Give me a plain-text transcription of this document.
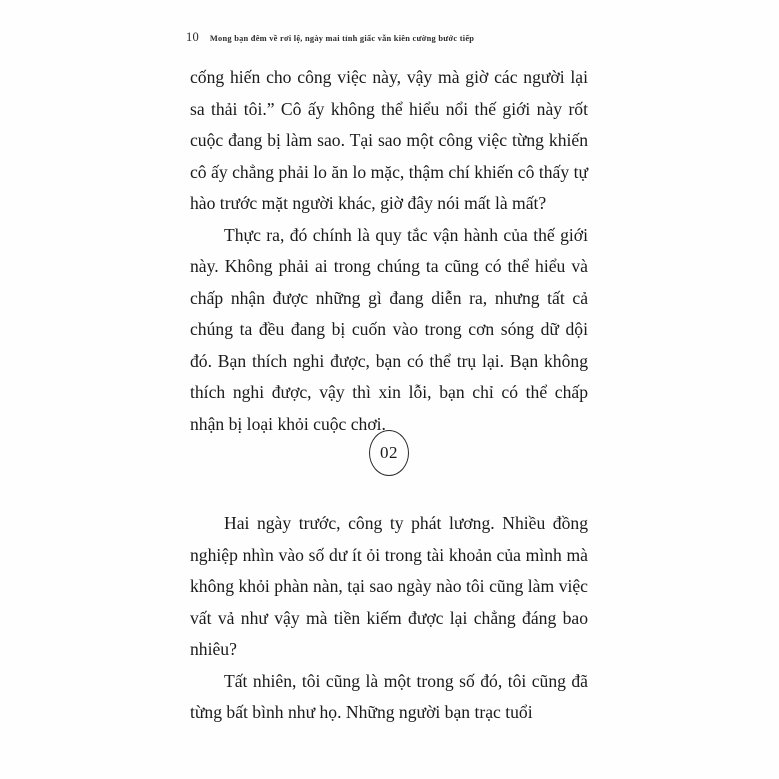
10 Mong bạn đêm về rơi lệ, ngày mai tỉnh giấc vẫn kiên cường bước tiếp

cống hiến cho công việc này, vậy mà giờ các người lại sa thải tôi.” Cô ấy không thể hiểu nổi thế giới này rốt cuộc đang bị làm sao. Tại sao một công việc từng khiến cô ấy chẳng phải lo ăn lo mặc, thậm chí khiến cô thấy tự hào trước mặt người khác, giờ đây nói mất là mất?

Thực ra, đó chính là quy tắc vận hành của thế giới này. Không phải ai trong chúng ta cũng có thể hiểu và chấp nhận được những gì đang diễn ra, nhưng tất cả chúng ta đều đang bị cuốn vào trong cơn sóng dữ dội đó. Bạn thích nghi được, bạn có thể trụ lại. Bạn không thích nghi được, vậy thì xin lỗi, bạn chỉ có thể chấp nhận bị loại khỏi cuộc chơi.

02

Hai ngày trước, công ty phát lương. Nhiều đồng nghiệp nhìn vào số dư ít ỏi trong tài khoản của mình mà không khỏi phàn nàn, tại sao ngày nào tôi cũng làm việc vất vả như vậy mà tiền kiếm được lại chẳng đáng bao nhiêu?

Tất nhiên, tôi cũng là một trong số đó, tôi cũng đã từng bất bình như họ. Những người bạn trạc tuổi
